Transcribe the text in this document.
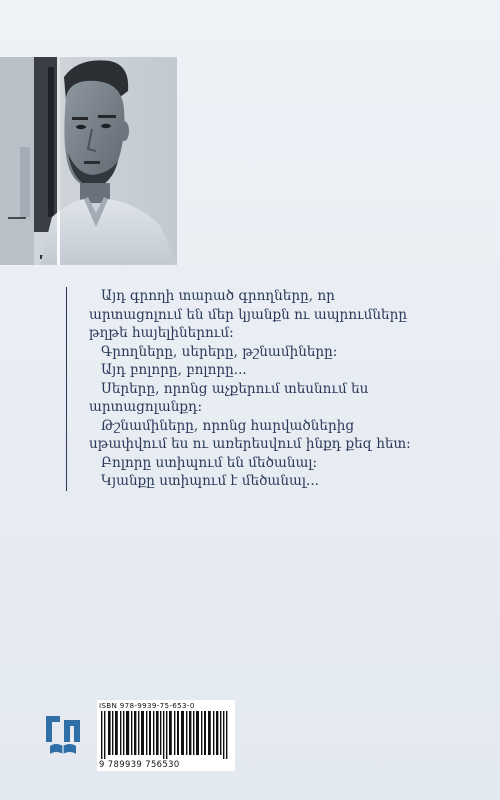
Այդ գրողի տարած գրողները, որ

արտացոլում են մեր կյանքն ու ապրումները

թղթե հայելիներում:

Գրողները, սերերը, թշնամիները:

Այդ բոլորը, բոլորը...

Սերերը, որոնց աչքերում տեսնում ես

արտացոլանքդ:

Թշնամիները, որոնց հարվածներից

սթափվում ես ու առերեսվում ինքդ քեզ հետ:

Բոլորը ստիպում են մեծանալ:

Կյանքը ստիպում է մեծանալ...

ISBN 978-9939-75-653-0
9 789939 756530
